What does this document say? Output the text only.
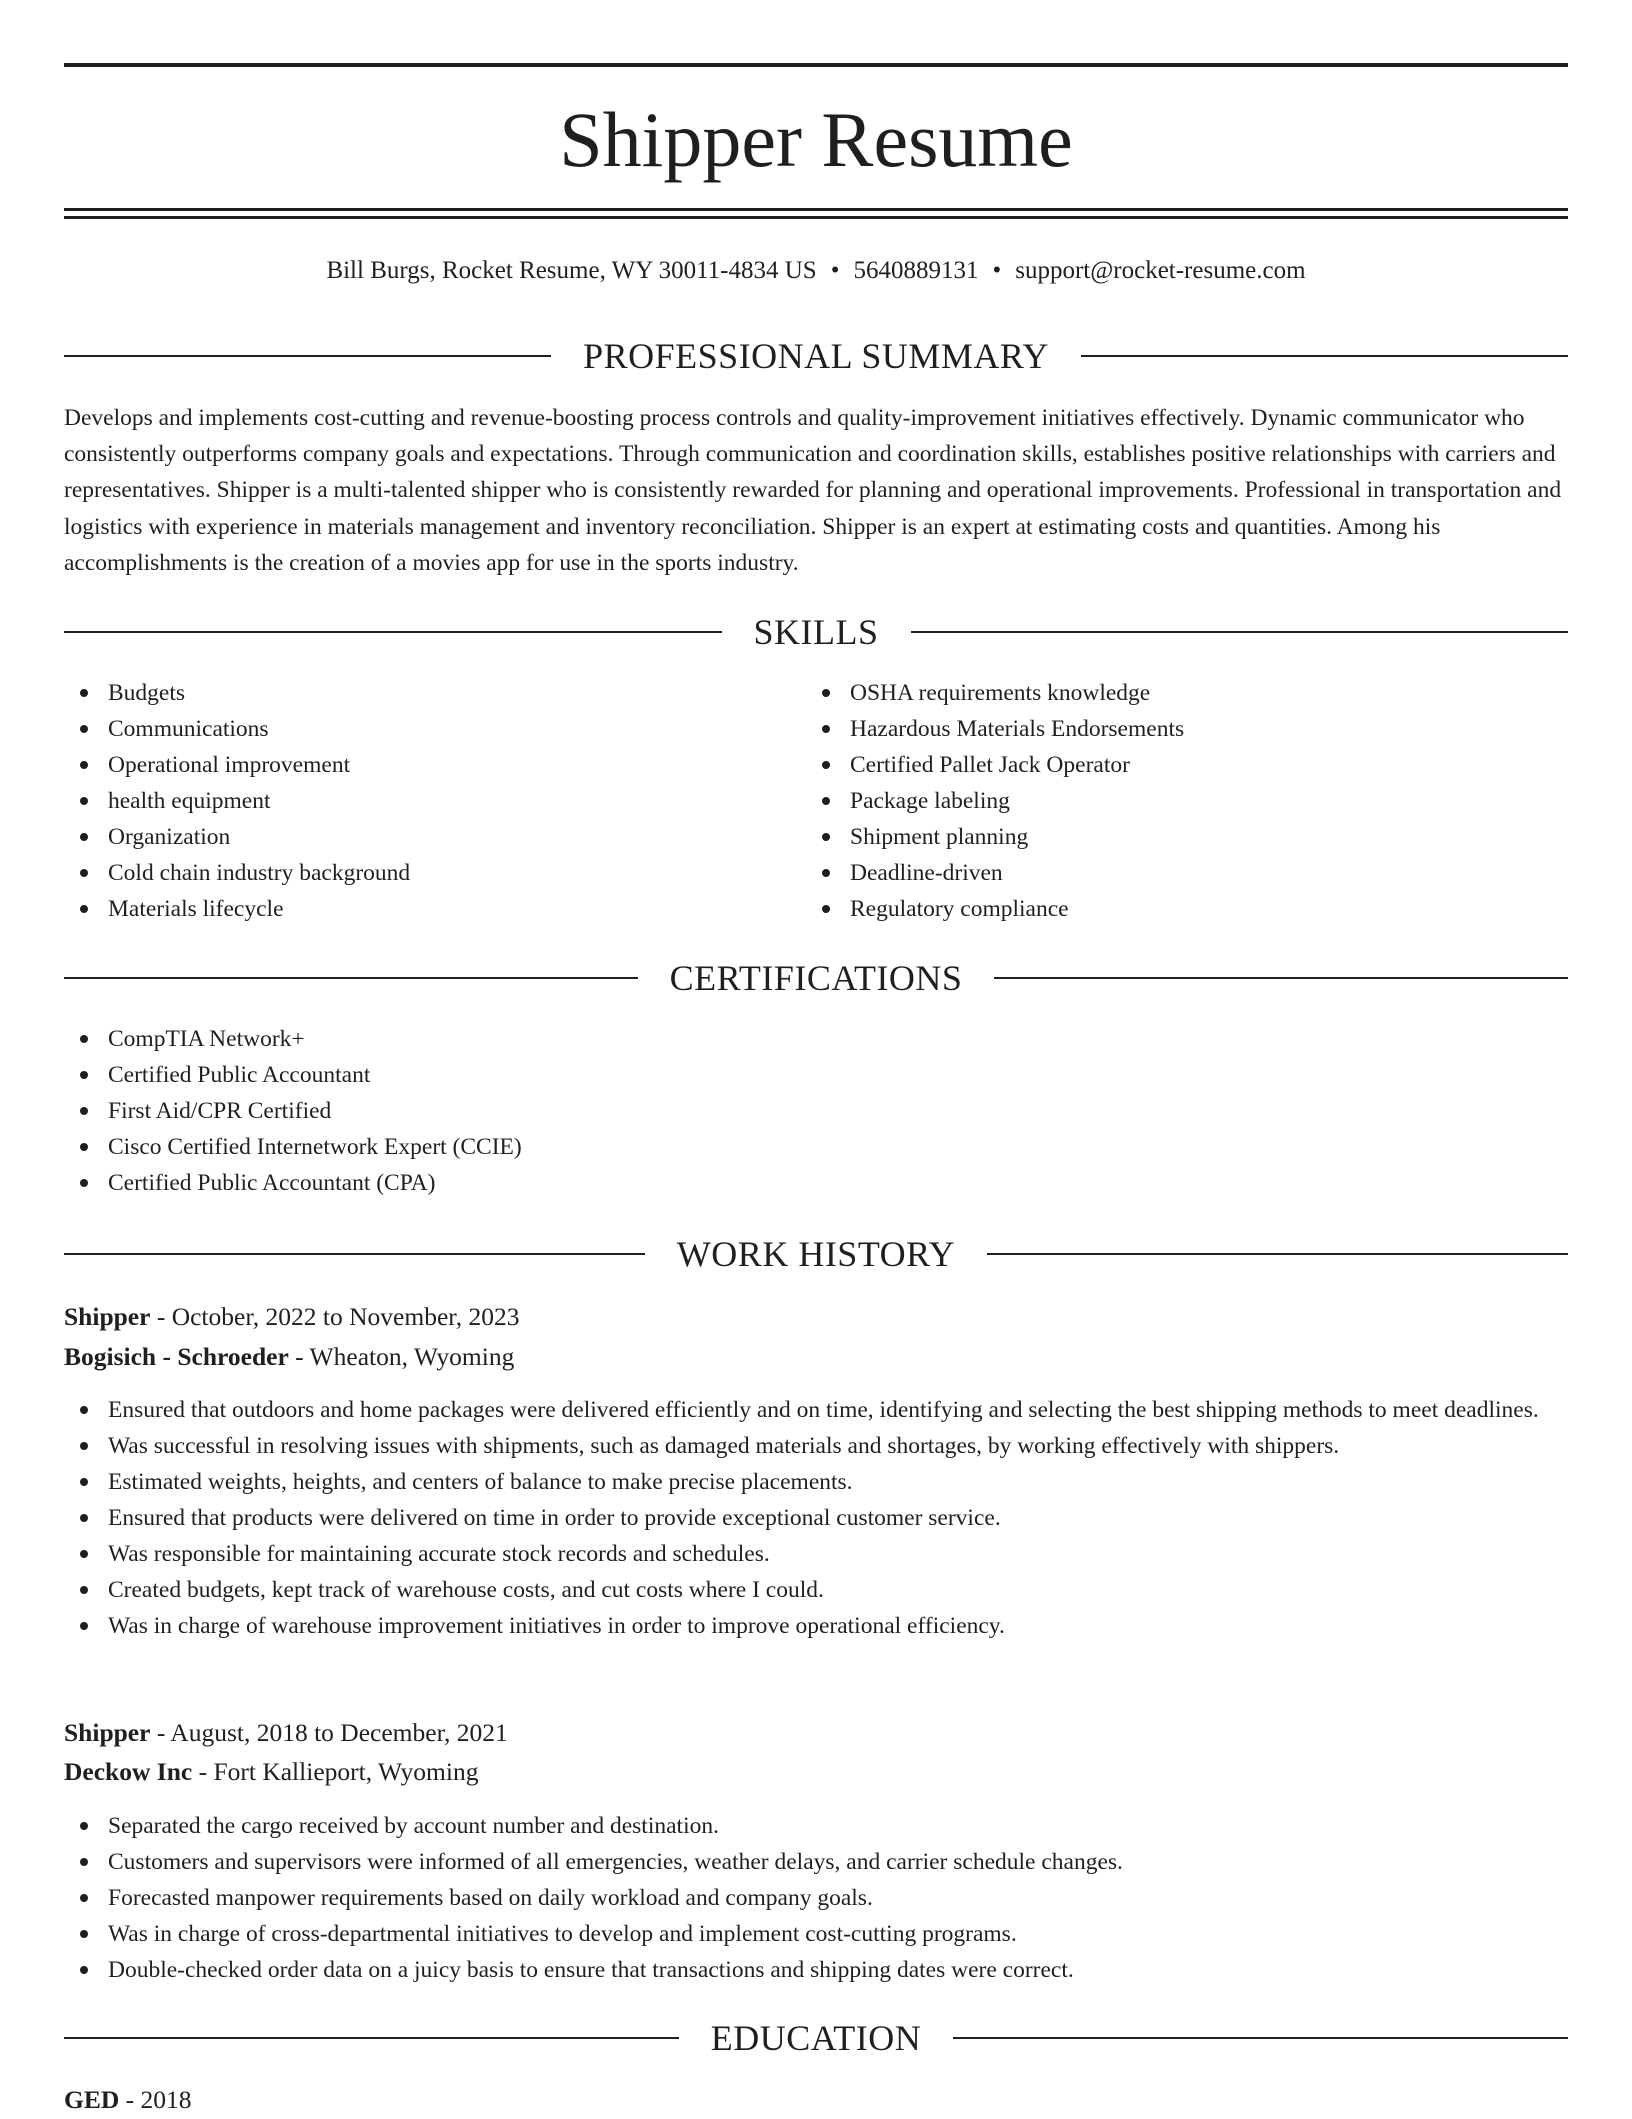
Shipper Resume
Bill Burgs, Rocket Resume, WY 30011-4834 US • 5640889131 • support@rocket-resume.com
PROFESSIONAL SUMMARY

Develops and implements cost-cutting and revenue-boosting process controls and quality-improvement initiatives effectively. Dynamic communicator who consistently outperforms company goals and expectations. Through communication and coordination skills, establishes positive relationships with carriers and representatives. Shipper is a multi-talented shipper who is consistently rewarded for planning and operational improvements. Professional in transportation and logistics with experience in materials management and inventory reconciliation. Shipper is an expert at estimating costs and quantities. Among his accomplishments is the creation of a movies app for use in the sports industry.

SKILLS
Budgets
Communications
Operational improvement
health equipment
Organization
Cold chain industry background
Materials lifecycle
OSHA requirements knowledge
Hazardous Materials Endorsements
Certified Pallet Jack Operator
Package labeling
Shipment planning
Deadline-driven
Regulatory compliance
CERTIFICATIONS
CompTIA Network+
Certified Public Accountant
First Aid/CPR Certified
Cisco Certified Internetwork Expert (CCIE)
Certified Public Accountant (CPA)
WORK HISTORY
Shipper - October, 2022 to November, 2023
Bogisich - Schroeder - Wheaton, Wyoming
Ensured that outdoors and home packages were delivered efficiently and on time, identifying and selecting the best shipping methods to meet deadlines.
Was successful in resolving issues with shipments, such as damaged materials and shortages, by working effectively with shippers.
Estimated weights, heights, and centers of balance to make precise placements.
Ensured that products were delivered on time in order to provide exceptional customer service.
Was responsible for maintaining accurate stock records and schedules.
Created budgets, kept track of warehouse costs, and cut costs where I could.
Was in charge of warehouse improvement initiatives in order to improve operational efficiency.
Shipper - August, 2018 to December, 2021
Deckow Inc - Fort Kallieport, Wyoming
Separated the cargo received by account number and destination.
Customers and supervisors were informed of all emergencies, weather delays, and carrier schedule changes.
Forecasted manpower requirements based on daily workload and company goals.
Was in charge of cross-departmental initiatives to develop and implement cost-cutting programs.
Double-checked order data on a juicy basis to ensure that transactions and shipping dates were correct.
EDUCATION
GED - 2018
